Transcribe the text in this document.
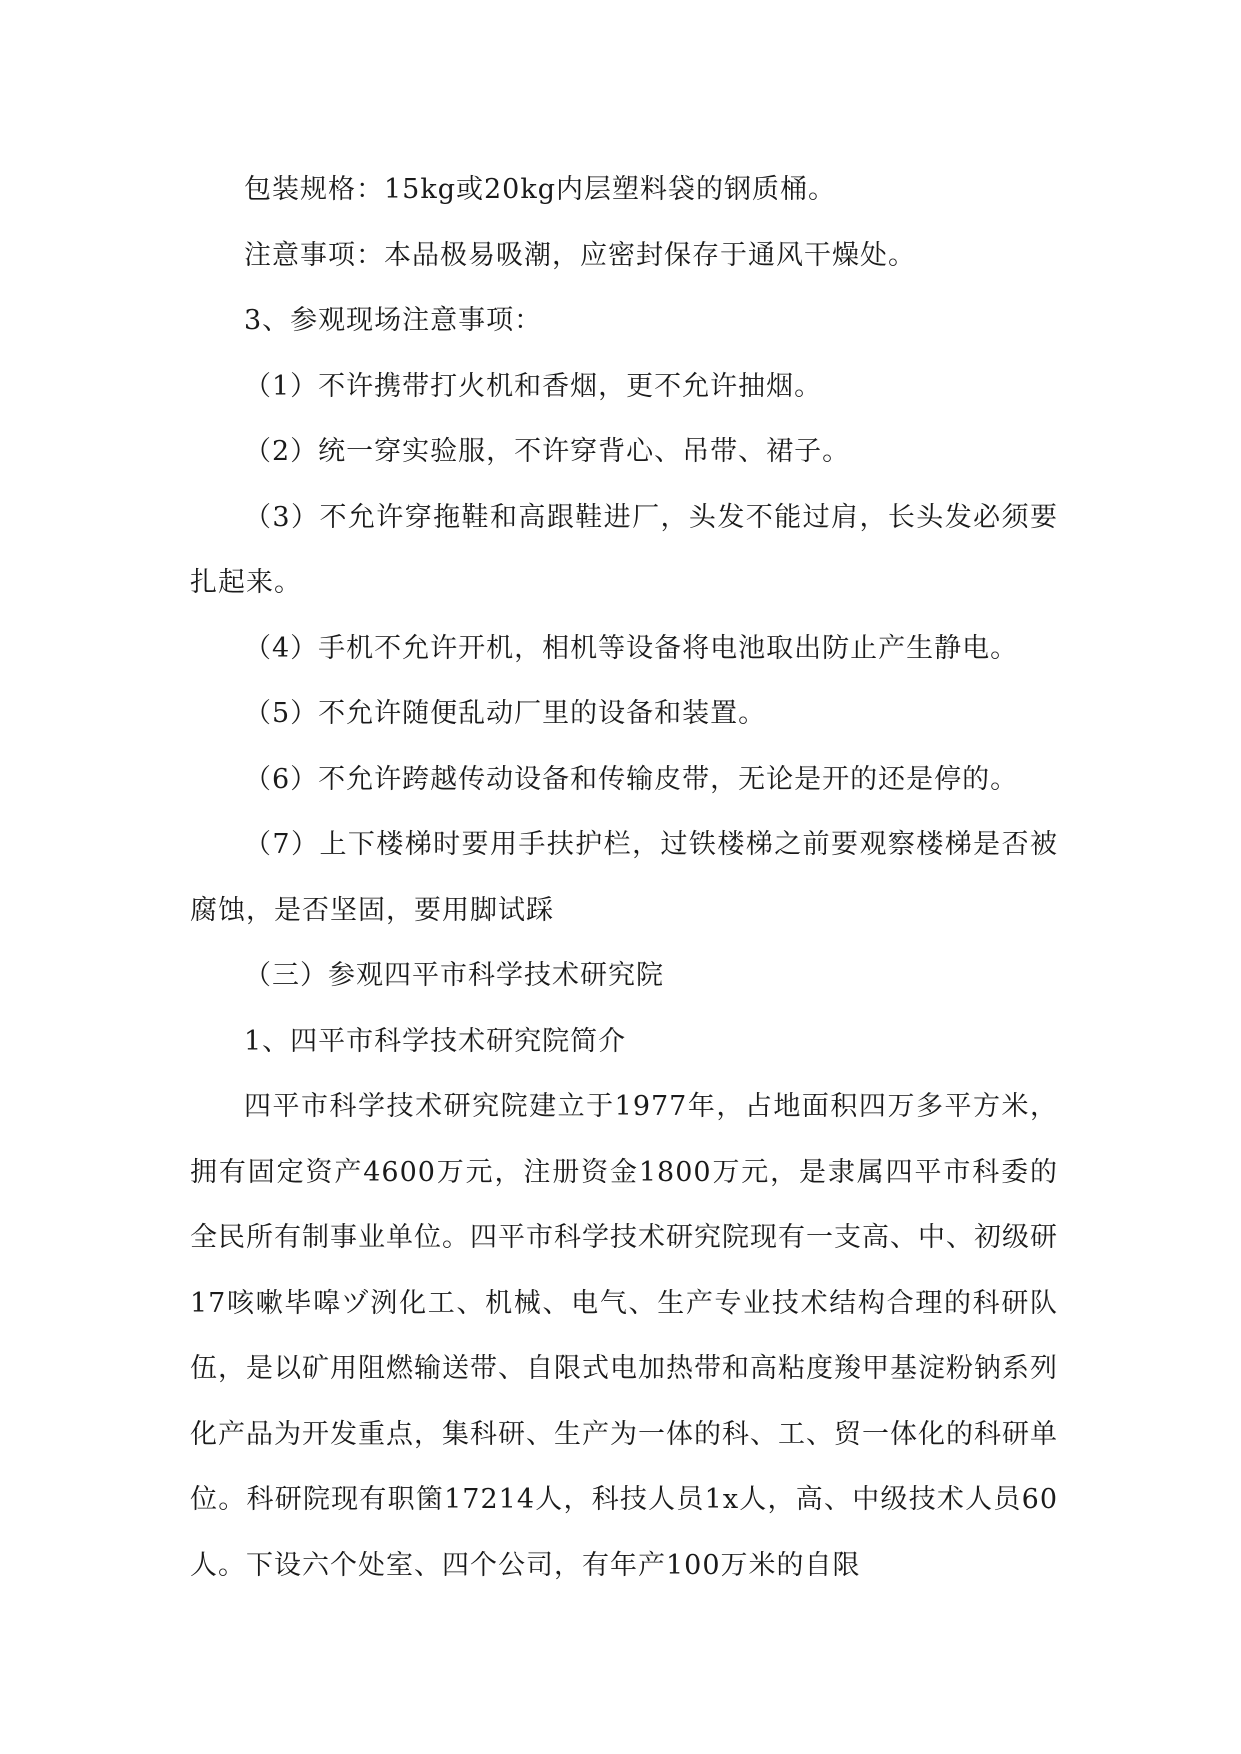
包装规格：15kg或20kg内层塑料袋的钢质桶。

注意事项：本品极易吸潮，应密封保存于通风干燥处。

3、参观现场注意事项：

（1）不许携带打火机和香烟，更不允许抽烟。

（2）统一穿实验服，不许穿背心、吊带、裙子。

（3）不允许穿拖鞋和高跟鞋进厂，头发不能过肩，长头发必须要扎起来。

（4）手机不允许开机，相机等设备将电池取出防止产生静电。

（5）不允许随便乱动厂里的设备和装置。

（6）不允许跨越传动设备和传输皮带，无论是开的还是停的。

（7）上下楼梯时要用手扶护栏，过铁楼梯之前要观察楼梯是否被腐蚀，是否坚固，要用脚试踩

（三）参观四平市科学技术研究院

1、四平市科学技术研究院简介

四平市科学技术研究院建立于1977年，占地面积四万多平方米，拥有固定资产4600万元，注册资金1800万元，是隶属四平市科委的全民所有制事业单位。四平市科学技术研究院现有一支高、中、初级研17咳嗽毕嗥ヅ洌化工、机械、电气、生产专业技术结构合理的科研队伍，是以矿用阻燃输送带、自限式电加热带和高粘度羧甲基淀粉钠系列化产品为开发重点，集科研、生产为一体的科、工、贸一体化的科研单位。科研院现有职箘17214人，科技人员1x人，高、中级技术人员60人。下设六个处室、四个公司，有年产100万米的自限
